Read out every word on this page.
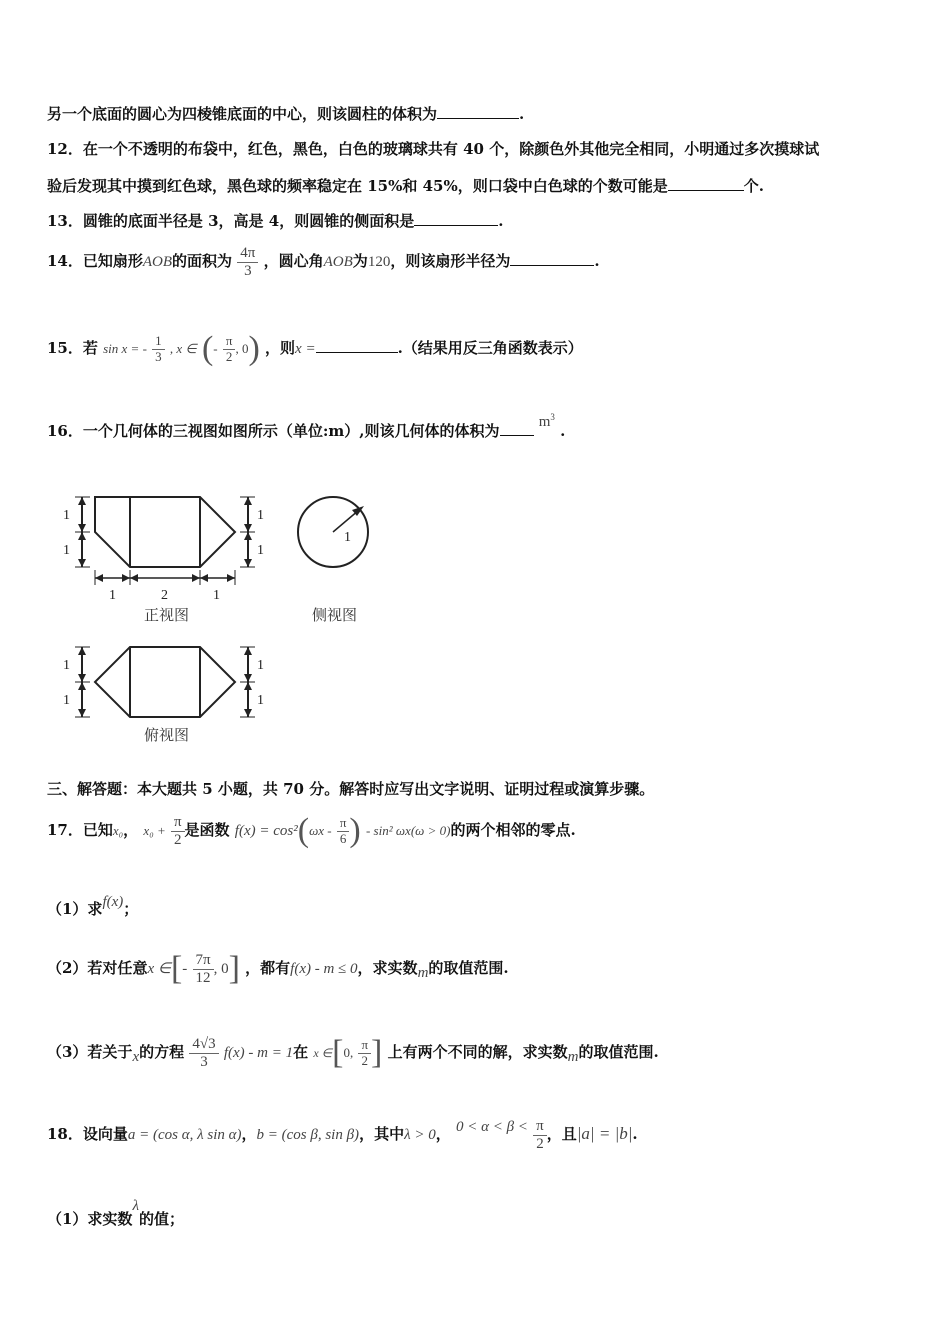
另一个底面的圆心为四棱锥底面的中心，则该圆柱的体积为	.
12．在一个不透明的布袋中，红色，黑色，白色的玻璃球共有 40 个，除颜色外其他完全相同，小明通过多次摸球试
验后发现其中摸到红色球，黑色球的频率稳定在 15%和 45%，则口袋中白色球的个数可能是	个.
13．圆锥的底面半径是 3，高是 4，则圆锥的侧面积是	.
14．已知扇形AOB的面积为 $\frac{4\pi}{3}$ ，圆心角AOB为120，则该扇形半径为	.
15．若 sin x = - $\frac{1}{3}$ , x ∈ (- $\frac{\pi}{2}$ , 0) ，则x =	.（结果用反三角函数表示）
16．一个几何体的三视图如图所示（单位:m）,则该几何体的体积为	$m^3$ .
1
1
1
1
1	2	1
正视图
1
侧视图
1
1
1
1
俯视图
三、解答题：本大题共 5 小题，共 70 分。解答时应写出文字说明、证明过程或演算步骤。
17．已知x₀， $x_0 + \frac{\pi}{2}$ 是函数 $f(x) = \cos^2(\omega x - \frac{\pi}{6}$ ) - sin² ωx(ω > 0)的两个相邻的零点.
（1）求f(x)；
（2）若对任意x ∈[- $\frac{7\pi}{12}$ , 0] ，都有f(x) - m ≤ 0，求实数m的取值范围.
（3）若关于x的方程 $\frac{4√3}{3} f(x) - m = 1$在 x ∈[0, $\frac{\pi}{2}$ ] 上有两个不同的解，求实数m的取值范围.
18．设向量a = (cos α, λ sin α)，b = (cos β, sin β)，其中λ > 0， $0 < \alpha < \beta < \frac{\pi}{2}$ ，且|a| = |b|.
（1）求实数λ的值；
